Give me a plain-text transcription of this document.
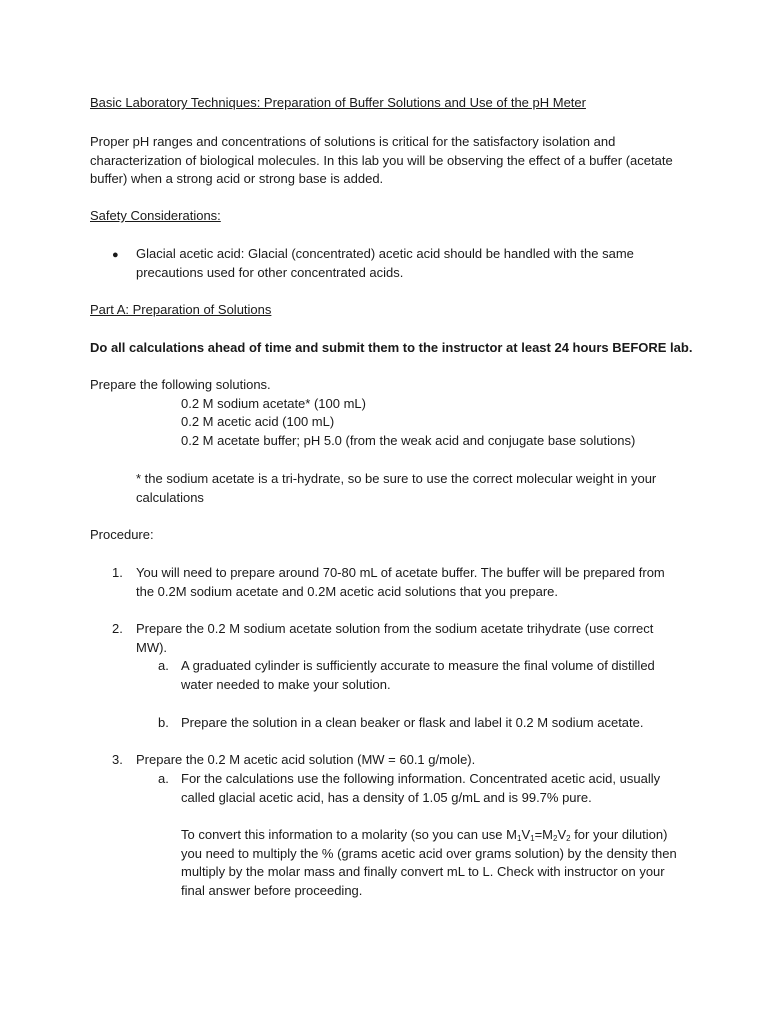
Basic Laboratory Techniques: Preparation of Buffer Solutions and Use of the pH Meter

Proper pH ranges and concentrations of solutions is critical for the satisfactory isolation and characterization of biological molecules. In this lab you will be observing the effect of a buffer (acetate buffer) when a strong acid or strong base is added.

Safety Considerations:

● Glacial acetic acid: Glacial (concentrated) acetic acid should be handled with the same precautions used for other concentrated acids.

Part A: Preparation of Solutions

Do all calculations ahead of time and submit them to the instructor at least 24 hours BEFORE lab.

Prepare the following solutions.

0.2 M sodium acetate* (100 mL)

0.2 M acetic acid (100 mL)

0.2 M acetate buffer; pH 5.0 (from the weak acid and conjugate base solutions)

* the sodium acetate is a tri-hydrate, so be sure to use the correct molecular weight in your calculations

Procedure:

1. You will need to prepare around 70-80 mL of acetate buffer. The buffer will be prepared from the 0.2M sodium acetate and 0.2M acetic acid solutions that you prepare.

2. Prepare the 0.2 M sodium acetate solution from the sodium acetate trihydrate (use correct MW).

a. A graduated cylinder is sufficiently accurate to measure the final volume of distilled water needed to make your solution.

b. Prepare the solution in a clean beaker or flask and label it 0.2 M sodium acetate.

3. Prepare the 0.2 M acetic acid solution (MW = 60.1 g/mole).

a. For the calculations use the following information. Concentrated acetic acid, usually called glacial acetic acid, has a density of 1.05 g/mL and is 99.7% pure.

To convert this information to a molarity (so you can use $M_1V_1=M_2V_2$ for your dilution) you need to multiply the % (grams acetic acid over grams solution) by the density then multiply by the molar mass and finally convert mL to L. Check with instructor on your final answer before proceeding.
